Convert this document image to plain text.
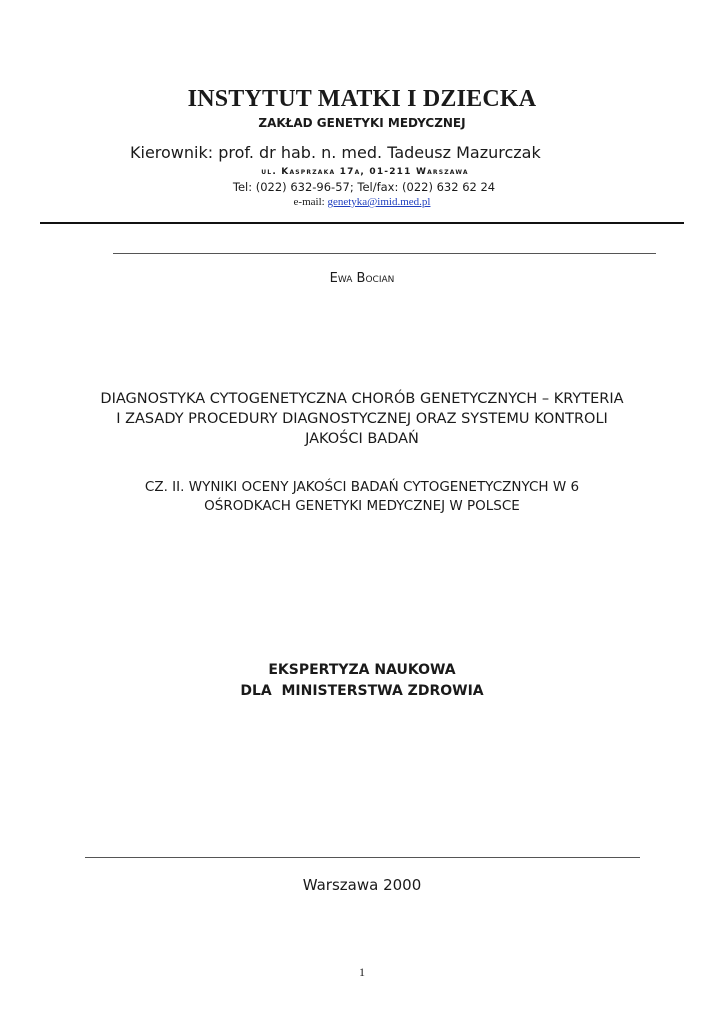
INSTYTUT MATKI I DZIECKA
ZAKŁAD GENETYKI MEDYCZNEJ
Kierownik: prof. dr hab. n. med. Tadeusz Mazurczak
ul. Kasprzaka 17a, 01-211 Warszawa
Tel: (022) 632-96-57; Tel/fax: (022) 632 62 24
e-mail: genetyka@imid.med.pl
Ewa Bocian
DIAGNOSTYKA CYTOGENETYCZNA CHORÓB GENETYCZNYCH – KRYTERIA
I ZASADY PROCEDURY DIAGNOSTYCZNEJ ORAZ SYSTEMU KONTROLI
JAKOŚCI BADAŃ
CZ. II. WYNIKI OCENY JAKOŚCI BADAŃ CYTOGENETYCZNYCH W 6
OŚRODKACH GENETYKI MEDYCZNEJ W POLSCE
EKSPERTYZA NAUKOWA
DLA  MINISTERSTWA ZDROWIA
Warszawa 2000
1
